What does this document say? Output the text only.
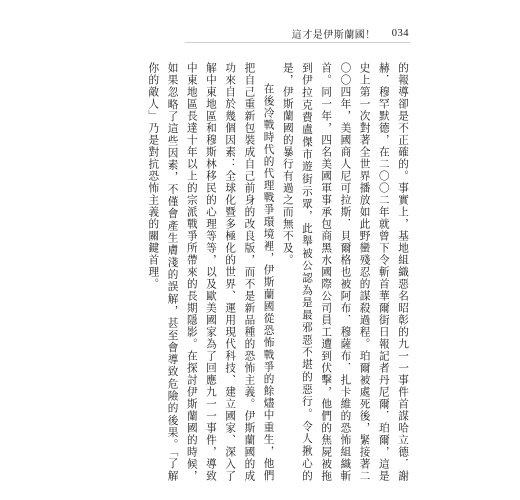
這才是伊斯蘭國！ 034

的報導卻是不正確的。事實上，基地組織惡名昭彰的九一一事件首謀哈立德．謝赫．穆罕默德，在二〇〇二年就曾下令斬首華爾街日報記者丹尼爾．珀爾，這是史上第一次對著全世界播放如此野蠻殘忍的謀殺過程。珀爾被處死後，緊接著二〇〇四年，美國商人尼可拉斯．貝爾格也被阿布．穆薩布．扎卡維的恐怖組織斬首。同一年，四名美國軍事承包商黑水國際公司員工遭到伏擊，他們的焦屍被拖到伊拉克費盧傑市遊街示眾，此舉被公認為是最邪惡不堪的惡行。令人揪心的是，伊斯蘭國的暴行有過之而無不及。

在後冷戰時代的代理戰爭環境裡，伊斯蘭國從恐怖戰爭的餘燼中重生，他們把自己重新包裝成自己前身的改良版，而不是新品種的恐怖主義。伊斯蘭國的成功來自於幾個因素：全球化暨多極化的世界、運用現代科技、建立國家、深入了解中東地區和穆斯林移民的心理等等，以及歐美國家為了回應九一一事件，導致中東地區長達十年以上的宗派戰爭所帶來的長期隱影。在探討伊斯蘭國的時候，如果忽略了這些因素，不僅會產生膚淺的誤解，甚至會導致危險的後果。「了解你的敵人」乃是對抗恐怖主義的關鍵首理。
